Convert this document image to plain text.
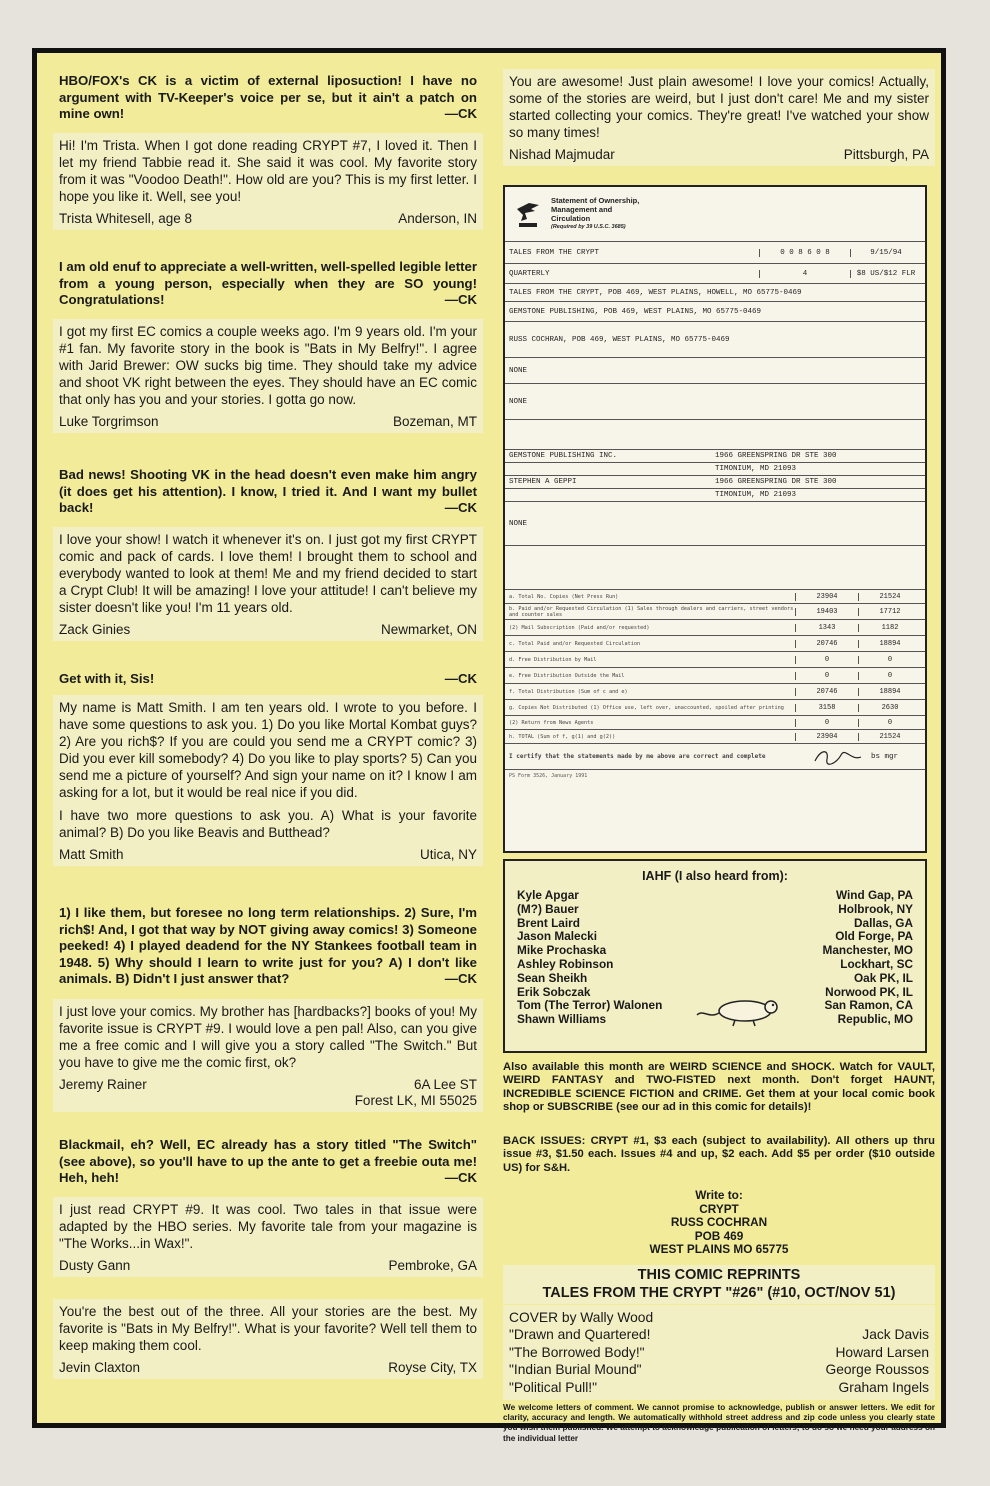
HBO/FOX's CK is a victim of external liposuction! I have no argument with TV-Keeper's voice per se, but it ain't a patch on mine own!	—CK
Hi! I'm Trista. When I got done reading CRYPT #7, I loved it. Then I let my friend Tabbie read it. She said it was cool. My favorite story from it was "Voodoo Death!". How old are you? This is my first letter. I hope you like it. Well, see you!
Trista Whitesell, age 8	Anderson, IN
I am old enuf to appreciate a well-written, well-spelled legible letter from a young person, especially when they are SO young! Congratulations!	—CK
I got my first EC comics a couple weeks ago. I'm 9 years old. I'm your #1 fan. My favorite story in the book is "Bats in My Belfry!". I agree with Jarid Brewer: OW sucks big time. They should take my advice and shoot VK right between the eyes. They should have an EC comic that only has you and your stories. I gotta go now.
Luke Torgrimson	Bozeman, MT
Bad news! Shooting VK in the head doesn't even make him angry (it does get his attention). I know, I tried it. And I want my bullet back!	—CK
I love your show! I watch it whenever it's on. I just got my first CRYPT comic and pack of cards. I love them! I brought them to school and everybody wanted to look at them! Me and my friend decided to start a Crypt Club! It will be amazing! I love your attitude! I can't believe my sister doesn't like you! I'm 11 years old.
Zack Ginies	Newmarket, ON
Get with it, Sis!	—CK
My name is Matt Smith. I am ten years old. I wrote to you before. I have some questions to ask you. 1) Do you like Mortal Kombat guys? 2) Are you rich$? If you are could you send me a CRYPT comic? 3) Did you ever kill somebody? 4) Do you like to play sports? 5) Can you send me a picture of yourself? And sign your name on it? I know I am asking for a lot, but it would be real nice if you did.
I have two more questions to ask you. A) What is your favorite animal? B) Do you like Beavis and Butthead?
Matt Smith	Utica, NY
1) I like them, but foresee no long term relationships. 2) Sure, I'm rich$! And, I got that way by NOT giving away comics! 3) Someone peeked! 4) I played deadend for the NY Stankees football team in 1948. 5) Why should I learn to write just for you? A) I don't like animals. B) Didn't I just answer that?	—CK
I just love your comics. My brother has [hardbacks?] books of you! My favorite issue is CRYPT #9. I would love a pen pal! Also, can you give me a free comic and I will give you a story called "The Switch." But you have to give me the comic first, ok?
Jeremy Rainer	6A Lee ST
Forest LK, MI 55025
Blackmail, eh? Well, EC already has a story titled "The Switch" (see above), so you'll have to up the ante to get a freebie outa me! Heh, heh!	—CK
I just read CRYPT #9. It was cool. Two tales in that issue were adapted by the HBO series. My favorite tale from your magazine is "The Works...in Wax!".
Dusty Gann	Pembroke, GA
You're the best out of the three. All your stories are the best. My favorite is "Bats in My Belfry!". What is your favorite? Well tell them to keep making them cool.
Jevin Claxton	Royse City, TX
You are awesome! Just plain awesome! I love your comics! Actually, some of the stories are weird, but I just don't care! Me and my sister started collecting your comics. They're great! I've watched your show so many times!
Nishad Majmudar	Pittsburgh, PA
Statement of Ownership,
Management and
Circulation
(Required by 39 U.S.C. 3685)
TALES FROM THE CRYPT	0 0 8 6 0 8	9/15/94
QUARTERLY	4	$8 US/$12 FLR
TALES FROM THE CRYPT, POB 469, WEST PLAINS, HOWELL, MO 65775-0469
GEMSTONE PUBLISHING, POB 469, WEST PLAINS, MO 65775-0469
RUSS COCHRAN, POB 469, WEST PLAINS, MO 65775-0469
NONE
NONE
GEMSTONE PUBLISHING INC.	1966 GREENSPRING DR STE 300
TIMONIUM, MD 21093
STEPHEN A GEPPI	1966 GREENSPRING DR STE 300
TIMONIUM, MD 21093
NONE
a. Total No. Copies (Net Press Run)	23904	21524
b. Paid and/or Requested Circulation (1) Sales through dealers and carriers, street vendors and counter sales	19403	17712
(2) Mail Subscription (Paid and/or requested)	1343	1182
c. Total Paid and/or Requested Circulation	20746	18894
d. Free Distribution by Mail	0	0
e. Free Distribution Outside the Mail	0	0
f. Total Distribution (Sum of c and e)	20746	18894
g. Copies Not Distributed (1) Office use, left over, unaccounted, spoiled after printing	3158	2630
(2) Return from News Agents	0	0
h. TOTAL (Sum of f, g(1) and g(2))	23904	21524
I certify that the statements made by me above are correct and complete	bs mgr
PS Form 3526, January 1991
IAHF (I also heard from):
Kyle Apgar	Wind Gap, PA
(M?) Bauer	Holbrook, NY
Brent Laird	Dallas, GA
Jason Malecki	Old Forge, PA
Mike Prochaska	Manchester, MO
Ashley Robinson	Lockhart, SC
Sean Sheikh	Oak PK, IL
Erik Sobczak	Norwood PK, IL
Tom (The Terror) Walonen	San Ramon, CA
Shawn Williams	Republic, MO
Also available this month are WEIRD SCIENCE and SHOCK. Watch for VAULT, WEIRD FANTASY and TWO-FISTED next month. Don't forget HAUNT, INCREDIBLE SCIENCE FICTION and CRIME. Get them at your local comic book shop or SUBSCRIBE (see our ad in this comic for details)!
BACK ISSUES: CRYPT #1, $3 each (subject to availability). All others up thru issue #3, $1.50 each. Issues #4 and up, $2 each. Add $5 per order ($10 outside US) for S&H.
Write to:
CRYPT
RUSS COCHRAN
POB 469
WEST PLAINS MO 65775
THIS COMIC REPRINTS
TALES FROM THE CRYPT "#26" (#10, OCT/NOV 51)
COVER by Wally Wood
"Drawn and Quartered!	Jack Davis
"The Borrowed Body!"	Howard Larsen
"Indian Burial Mound"	George Roussos
"Political Pull!"	Graham Ingels
We welcome letters of comment. We cannot promise to acknowledge, publish or answer letters. We edit for clarity, accuracy and length. We automatically withhold street address and zip code unless you clearly state you wish them published. We attempt to acknowledge publication of letters; to do so we need your address on the individual letter
